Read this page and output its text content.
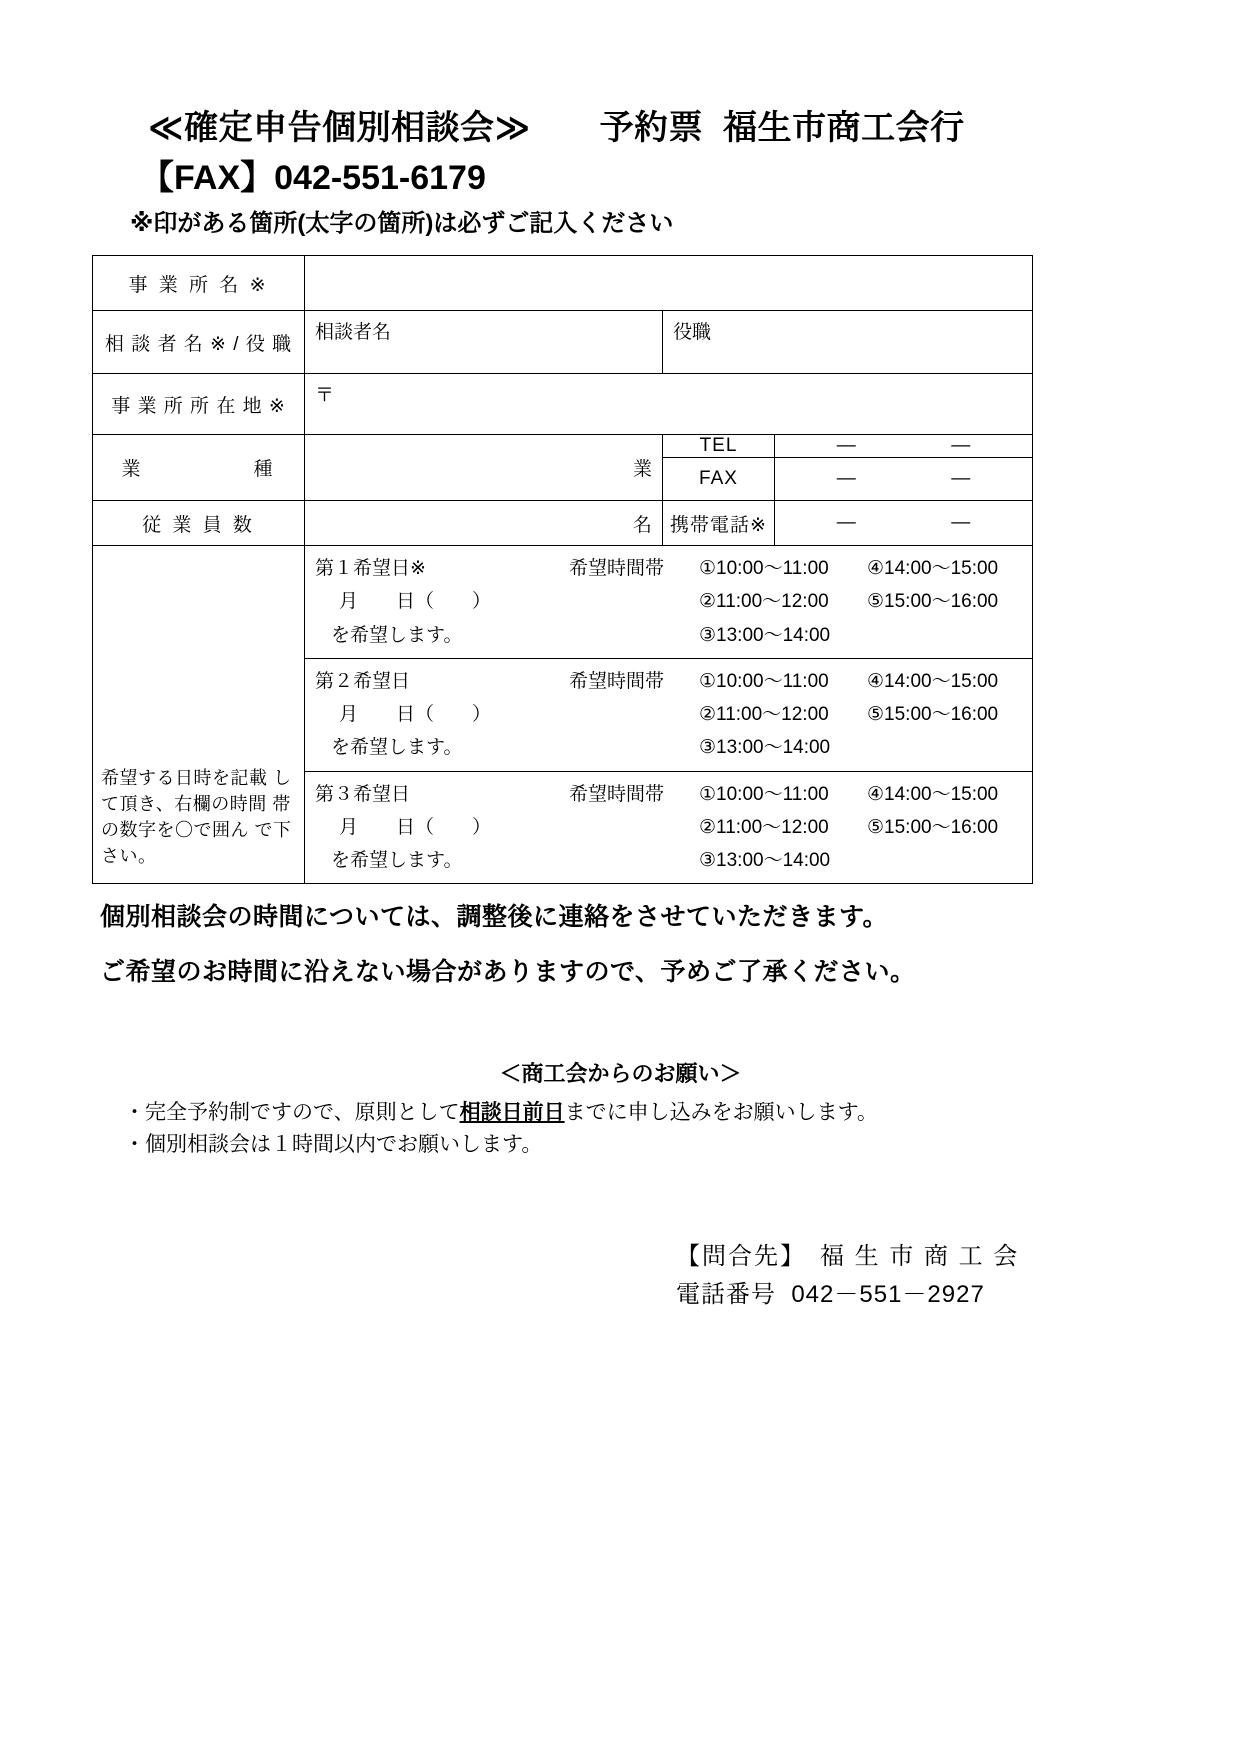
≪確定申告個別相談会≫　　予約票  福生市商工会行
【FAX】042-551-6179
※印がある箇所(太字の箇所)は必ずご記入ください
事 業 所 名 ※			
相 談 者 名 ※ / 役 職	相談者名	役職	
事 業 所 所 在 地 ※	〒		
業　　　　　種	業	TEL	― ―

		FAX	― ―

従 業 員 数	名	携帯電話※	― ―

希望する日時を記載 して頂き、右欄の時間 帯の数字を〇で囲ん で下さい。

第１希望日※	希望時間帯	①10:00～11:00	④14:00～15:00
月　　日（　　）	②11:00～12:00	⑤15:00～16:00
を希望します。	③13:00～14:00

第２希望日	希望時間帯	①10:00～11:00	④14:00～15:00
月　　日（　　）	②11:00～12:00	⑤15:00～16:00
を希望します。	③13:00～14:00

第３希望日	希望時間帯	①10:00～11:00	④14:00～15:00
月　　日（　　）	②11:00～12:00	⑤15:00～16:00
を希望します。	③13:00～14:00
個別相談会の時間については、調整後に連絡をさせていただきます。
ご希望のお時間に沿えない場合がありますので、予めご了承ください。
＜商工会からのお願い＞
・完全予約制ですので、原則として相談日前日までに申し込みをお願いします。
・個別相談会は１時間以内でお願いします。
【問合先】　福 生 市 商 工 会
電話番号  042－551－2927
